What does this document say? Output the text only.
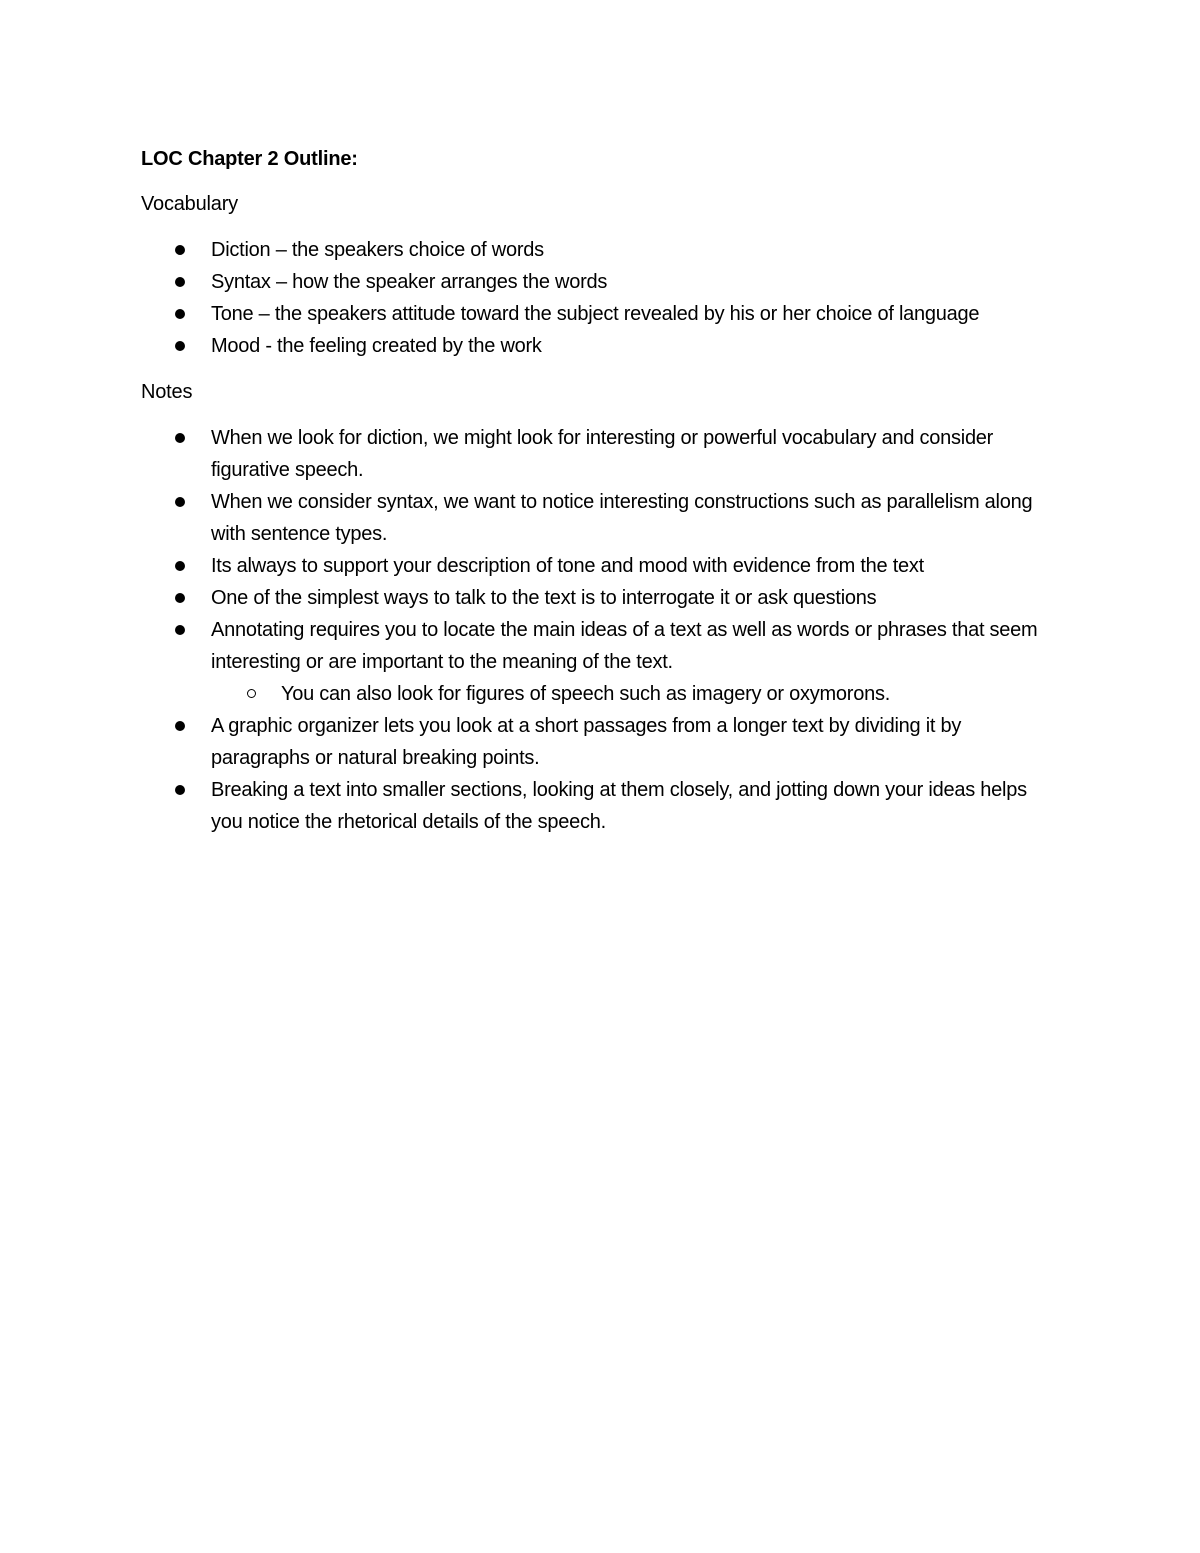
LOC Chapter 2 Outline:
Vocabulary
Diction – the speakers choice of words
Syntax – how the speaker arranges the words
Tone – the speakers attitude toward the subject revealed by his or her choice of language
Mood - the feeling created by the work
Notes
When we look for diction, we might look for interesting or powerful vocabulary and consider figurative speech.
When we consider syntax, we want to notice interesting constructions such as parallelism along with sentence types.
Its always to support your description of tone and mood with evidence from the text
One of the simplest ways to talk to the text is to interrogate it or ask questions
Annotating requires you to locate the main ideas of a text as well as words or phrases that seem interesting or are important to the meaning of the text.
You can also look for figures of speech such as imagery or oxymorons.
A graphic organizer lets you look at a short passages from a longer text by dividing it by paragraphs or natural breaking points.
Breaking a text into smaller sections, looking at them closely, and jotting down your ideas helps you notice the rhetorical details of the speech.
